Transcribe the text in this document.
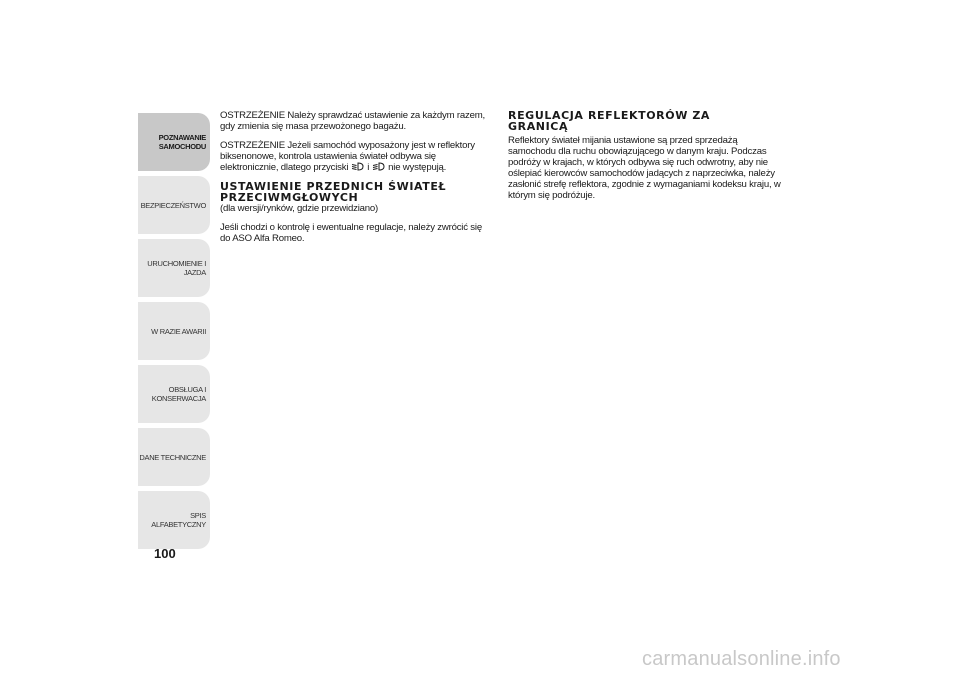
POZNAWANIE
SAMOCHODU
BEZPIECZEŃSTWO
URUCHOMIENIE I
JAZDA
W RAZIE AWARII
OBSŁUGA I
KONSERWACJA
DANE TECHNICZNE
SPIS ALFABETYCZNY
100

OSTRZEŻENIE Należy sprawdzać ustawienie za każdym razem, gdy zmienia się masa przewożonego bagażu.

OSTRZEŻENIE Jeżeli samochód wyposażony jest w reflektory biksenonowe, kontrola ustawienia świateł odbywa się elektronicznie, dlatego przyciski
i
nie występują.

USTAWIENIE PRZEDNICH ŚWIATEŁ PRZECIWMGŁOWYCH
(dla wersji/rynków, gdzie przewidziano)

Jeśli chodzi o kontrolę i ewentualne regulacje, należy zwrócić się do ASO Alfa Romeo.

REGULACJA REFLEKTORÓW ZA GRANICĄ

Reflektory świateł mijania ustawione są przed sprzedażą samochodu dla ruchu obowiązującego w danym kraju. Podczas podróży w krajach, w których odbywa się ruch odwrotny, aby nie oślepiać kierowców samochodów jadących z naprzeciwka, należy zasłonić strefę reflektora, zgodnie z wymaganiami kodeksu kraju, w którym się podróżuje.

carmanualsonline.info
